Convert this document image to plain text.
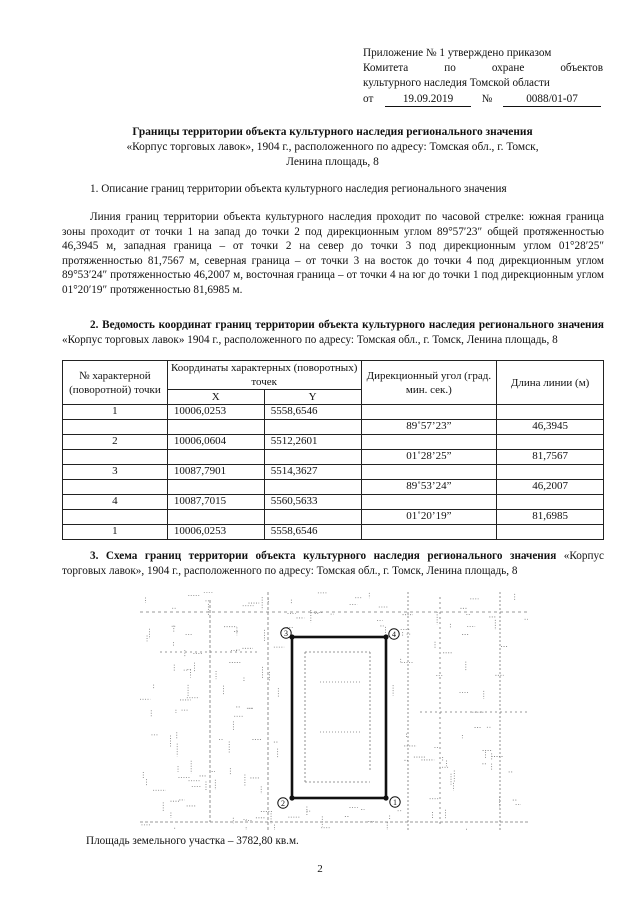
Приложение № 1 утверждено приказом
Комитета	по	охране	объектов
культурного наследия Томской области
от	19.09.2019	№	0088/01-07
Границы территории объекта культурного наследия регионального значения
«Корпус торговых лавок», 1904 г., расположенного по адресу: Томская обл., г. Томск,
Ленина площадь, 8
1. Описание границ территории объекта культурного наследия регионального значения
Линия границ территории объекта культурного наследия проходит по часовой стрелке: южная граница зоны проходит от точки 1 на запад до точки 2 под дирекционным углом 89°57′23″ общей протяженностью 46,3945 м, западная граница – от точки 2 на север до точки 3 под дирекционным углом 01°28′25″ протяженностью 81,7567 м, северная граница – от точки 3 на восток до точки 4 под дирекционным углом 89°53′24″ протяженностью 46,2007 м, восточная граница – от точки 4 на юг до точки 1 под дирекционным углом 01°20′19″ протяженностью 81,6985 м.
2. Ведомость координат границ территории объекта культурного наследия регионального значения «Корпус торговых лавок» 1904 г., расположенного по адресу: Томская обл., г. Томск, Ленина площадь, 8
№ характерной (поворотной) точки	Координаты характерных (поворотных) точек		Дирекционный угол (град. мин. сек.)	Длина линии (м)
	X	Y		
1	10006,0253	5558,6546		
			89˚57’23”	46,3945
2	10006,0604	5512,2601		
			01˚28’25”	81,7567
3	10087,7901	5514,3627		
			89˚53’24”	46,2007
4	10087,7015	5560,5633		
			01˚20’19”	81,6985
1	10006,0253	5558,6546		
3. Схема границ территории объекта культурного наследия регионального значения «Корпус торговых лавок», 1904 г., расположенного по адресу: Томская обл., г. Томск, Ленина площадь, 8
1
2
3	4
Площадь земельного участка – 3782,80 кв.м.
2
